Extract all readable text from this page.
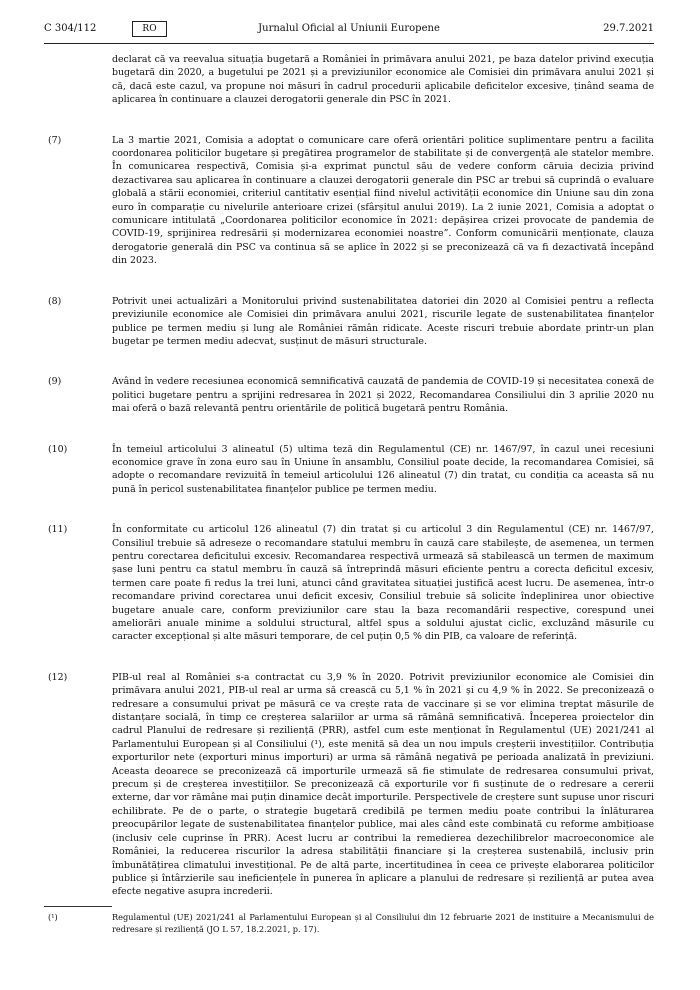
C 304/112	RO	Jurnalul Oficial al Uniunii Europene	29.7.2021
declarat că va reevalua situația bugetară a României în primăvara anului 2021, pe baza datelor privind execuția bugetară din 2020, a bugetului pe 2021 și a previziunilor economice ale Comisiei din primăvara anului 2021 și că, dacă este cazul, va propune noi măsuri în cadrul procedurii aplicabile deficitelor excesive, ținând seama de aplicarea în continuare a clauzei derogatorii generale din PSC în 2021.
(7)	La 3 martie 2021, Comisia a adoptat o comunicare care oferă orientări politice suplimentare pentru a facilita coordonarea politicilor bugetare și pregătirea programelor de stabilitate și de convergență ale statelor membre. În comunicarea respectivă, Comisia și-a exprimat punctul său de vedere conform căruia decizia privind dezactivarea sau aplicarea în continuare a clauzei derogatorii generale din PSC ar trebui să cuprindă o evaluare globală a stării economiei, criteriul cantitativ esențial fiind nivelul activității economice din Uniune sau din zona euro în comparație cu nivelurile anterioare crizei (sfârșitul anului 2019). La 2 iunie 2021, Comisia a adoptat o comunicare intitulată „Coordonarea politicilor economice în 2021: depășirea crizei provocate de pandemia de COVID-19, sprijinirea redresării și modernizarea economiei noastre”. Conform comunicării menționate, clauza derogatorie generală din PSC va continua să se aplice în 2022 și se preconizează că va fi dezactivată începând din 2023.
(8)	Potrivit unei actualizări a Monitorului privind sustenabilitatea datoriei din 2020 al Comisiei pentru a reflecta previziunile economice ale Comisiei din primăvara anului 2021, riscurile legate de sustenabilitatea finanțelor publice pe termen mediu și lung ale României rămân ridicate. Aceste riscuri trebuie abordate printr-un plan bugetar pe termen mediu adecvat, susținut de măsuri structurale.
(9)	Având în vedere recesiunea economică semnificativă cauzată de pandemia de COVID-19 și necesitatea conexă de politici bugetare pentru a sprijini redresarea în 2021 și 2022, Recomandarea Consiliului din 3 aprilie 2020 nu mai oferă o bază relevantă pentru orientările de politică bugetară pentru România.
(10)	În temeiul articolului 3 alineatul (5) ultima teză din Regulamentul (CE) nr. 1467/97, în cazul unei recesiuni economice grave în zona euro sau în Uniune în ansamblu, Consiliul poate decide, la recomandarea Comisiei, să adopte o recomandare revizuită în temeiul articolului 126 alineatul (7) din tratat, cu condiția ca aceasta să nu pună în pericol sustenabilitatea finanțelor publice pe termen mediu.
(11)	În conformitate cu articolul 126 alineatul (7) din tratat și cu articolul 3 din Regulamentul (CE) nr. 1467/97, Consiliul trebuie să adreseze o recomandare statului membru în cauză care stabilește, de asemenea, un termen pentru corectarea deficitului excesiv. Recomandarea respectivă urmează să stabilească un termen de maximum șase luni pentru ca statul membru în cauză să întreprindă măsuri eficiente pentru a corecta deficitul excesiv, termen care poate fi redus la trei luni, atunci când gravitatea situației justifică acest lucru. De asemenea, într-o recomandare privind corectarea unui deficit excesiv, Consiliul trebuie să solicite îndeplinirea unor obiective bugetare anuale care, conform previziunilor care stau la baza recomandării respective, corespund unei ameliorări anuale minime a soldului structural, altfel spus a soldului ajustat ciclic, excluzând măsurile cu caracter excepțional și alte măsuri temporare, de cel puțin 0,5 % din PIB, ca valoare de referință.
(12)	PIB-ul real al României s-a contractat cu 3,9 % în 2020. Potrivit previziunilor economice ale Comisiei din primăvara anului 2021, PIB-ul real ar urma să crească cu 5,1 % în 2021 și cu 4,9 % în 2022. Se preconizează o redresare a consumului privat pe măsură ce va crește rata de vaccinare și se vor elimina treptat măsurile de distanțare socială, în timp ce creșterea salariilor ar urma să rămână semnificativă. Începerea proiectelor din cadrul Planului de redresare și reziliență (PRR), astfel cum este menționat în Regulamentul (UE) 2021/241 al Parlamentului European și al Consiliului (¹), este menită să dea un nou impuls creșterii investițiilor. Contribuția exporturilor nete (exporturi minus importuri) ar urma să rămână negativă pe perioada analizată în previziuni. Aceasta deoarece se preconizează că importurile urmează să fie stimulate de redresarea consumului privat, precum și de creșterea investițiilor. Se preconizează că exporturile vor fi susținute de o redresare a cererii externe, dar vor rămâne mai puțin dinamice decât importurile. Perspectivele de creștere sunt supuse unor riscuri echilibrate. Pe de o parte, o strategie bugetară credibilă pe termen mediu poate contribui la înlăturarea preocupărilor legate de sustenabilitatea finanțelor publice, mai ales când este combinată cu reforme ambițioase (inclusiv cele cuprinse în PRR). Acest lucru ar contribui la remedierea dezechilibrelor macroeconomice ale României, la reducerea riscurilor la adresa stabilității financiare și la creșterea sustenabilă, inclusiv prin îmbunătățirea climatului investițional. Pe de altă parte, incertitudinea în ceea ce privește elaborarea politicilor publice și întârzierile sau ineficiențele în punerea în aplicare a planului de redresare și reziliență ar putea avea efecte negative asupra increderii.
(¹)	Regulamentul (UE) 2021/241 al Parlamentului European și al Consiliului din 12 februarie 2021 de instituire a Mecanismului de redresare și reziliență (JO L 57, 18.2.2021, p. 17).
